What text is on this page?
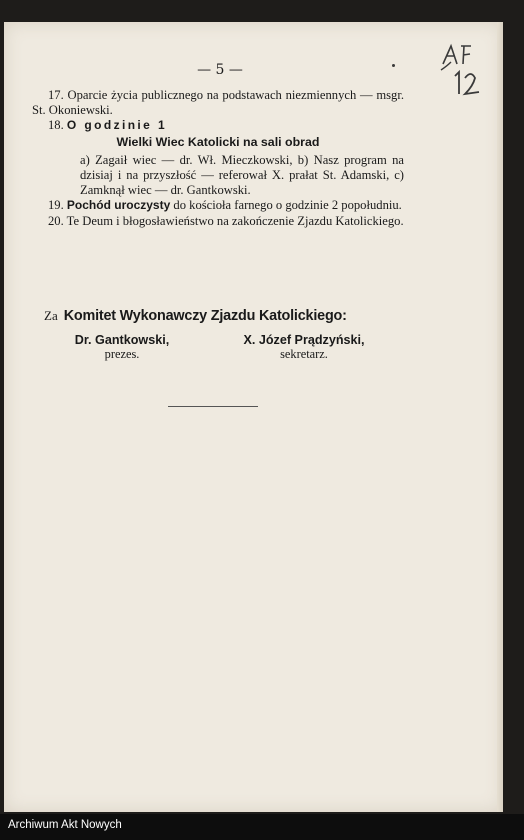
— 5 —

17. Oparcie życia publicznego na podstawach niezmiennych — msgr. St. Okoniewski.

18. O godzinie 1

Wielki Wiec Katolicki na sali obrad

a) Zagaił wiec — dr. Wł. Mieczkowski, b) Nasz program na dzisiaj i na przyszłość — referował X. prałat St. Adamski, c) Zamknął wiec — dr. Gantkowski.

19. Pochód uroczysty do kościoła farnego o godzinie 2 popołudniu.

20. Te Deum i błogosławieństwo na zakończenie Zjazdu Katolickiego.

Za Komitet Wykonawczy Zjazdu Katolickiego:
Dr. Gantkowski,
prezes.
X. Józef Prądzyński,
sekretarz.
Archiwum Akt Nowych
